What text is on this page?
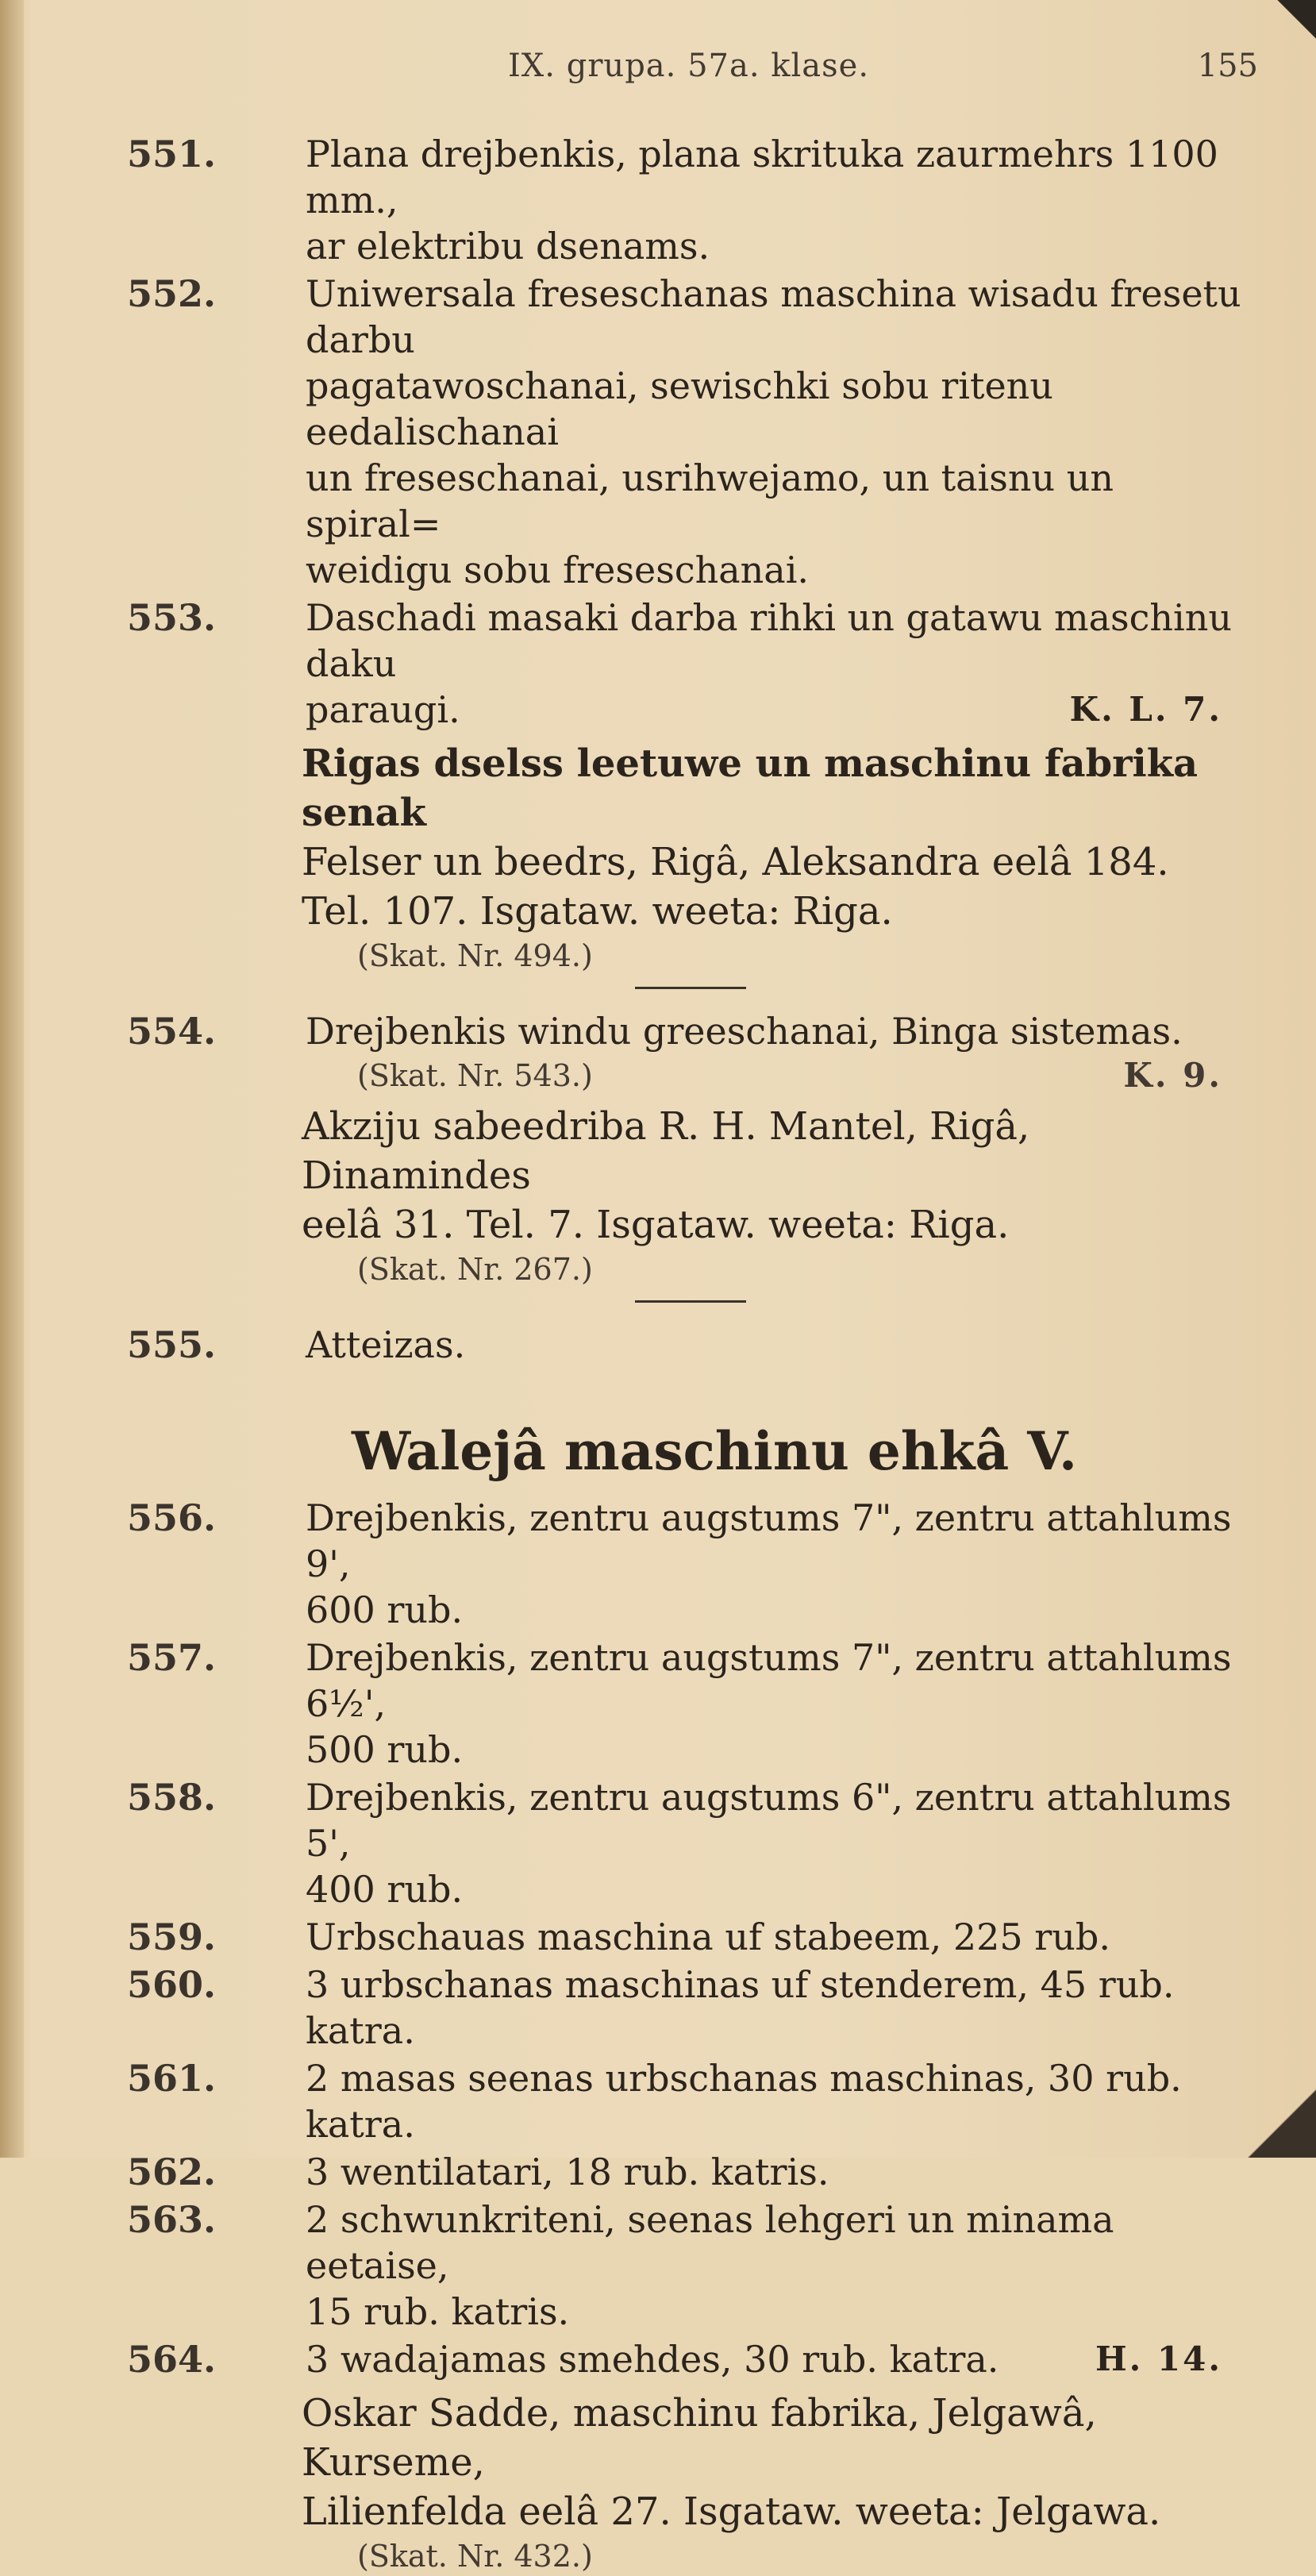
IX. grupa. 57a. klase.	155
551.	Plana drejbenkis, plana skrituka zaurmehrs 1100 mm.,
ar elektribu dsenams.
552.	Uniwersala freseschanas maschina wisadu fresetu darbu
pagatawoschanai, sewischki sobu ritenu eedalischanai
un freseschanai, usrihwejamo, un taisnu un spiral=
weidigu sobu freseschanai.
553.	Daschadi masaki darba rihki un gatawu maschinu daku
paraugi.	K. L. 7.
Rigas dselss leetuwe un maschinu fabrika senak
Felser un beedrs, Rigâ, Aleksandra eelâ 184.
Tel. 107. Isgataw. weeta: Riga.
(Skat. Nr. 494.)
554.	Drejbenkis windu greeschanai, Binga sistemas.
(Skat. Nr. 543.)	K. 9.
Akziju sabeedriba R. H. Mantel, Rigâ, Dinamindes
eelâ 31. Tel. 7. Isgataw. weeta: Riga.
(Skat. Nr. 267.)
555.	Atteizas.
Walejâ maschinu ehkâ V.
556.	Drejbenkis, zentru augstums 7", zentru attahlums 9',
600 rub.
557.	Drejbenkis, zentru augstums 7", zentru attahlums 6½',
500 rub.
558.	Drejbenkis, zentru augstums 6", zentru attahlums 5',
400 rub.
559.	Urbschauas maschina uf stabeem, 225 rub.
560.	3 urbschanas maschinas uf stenderem, 45 rub. katra.
561.	2 masas seenas urbschanas maschinas, 30 rub. katra.
562.	3 wentilatari, 18 rub. katris.
563.	2 schwunkriteni, seenas lehgeri un minama eetaise,
15 rub. katris.
564.	3 wadajamas smehdes, 30 rub. katra.	H. 14.
Oskar Sadde, maschinu fabrika, Jelgawâ, Kurseme,
Lilienfelda eelâ 27. Isgataw. weeta: Jelgawa.
(Skat. Nr. 432.)
